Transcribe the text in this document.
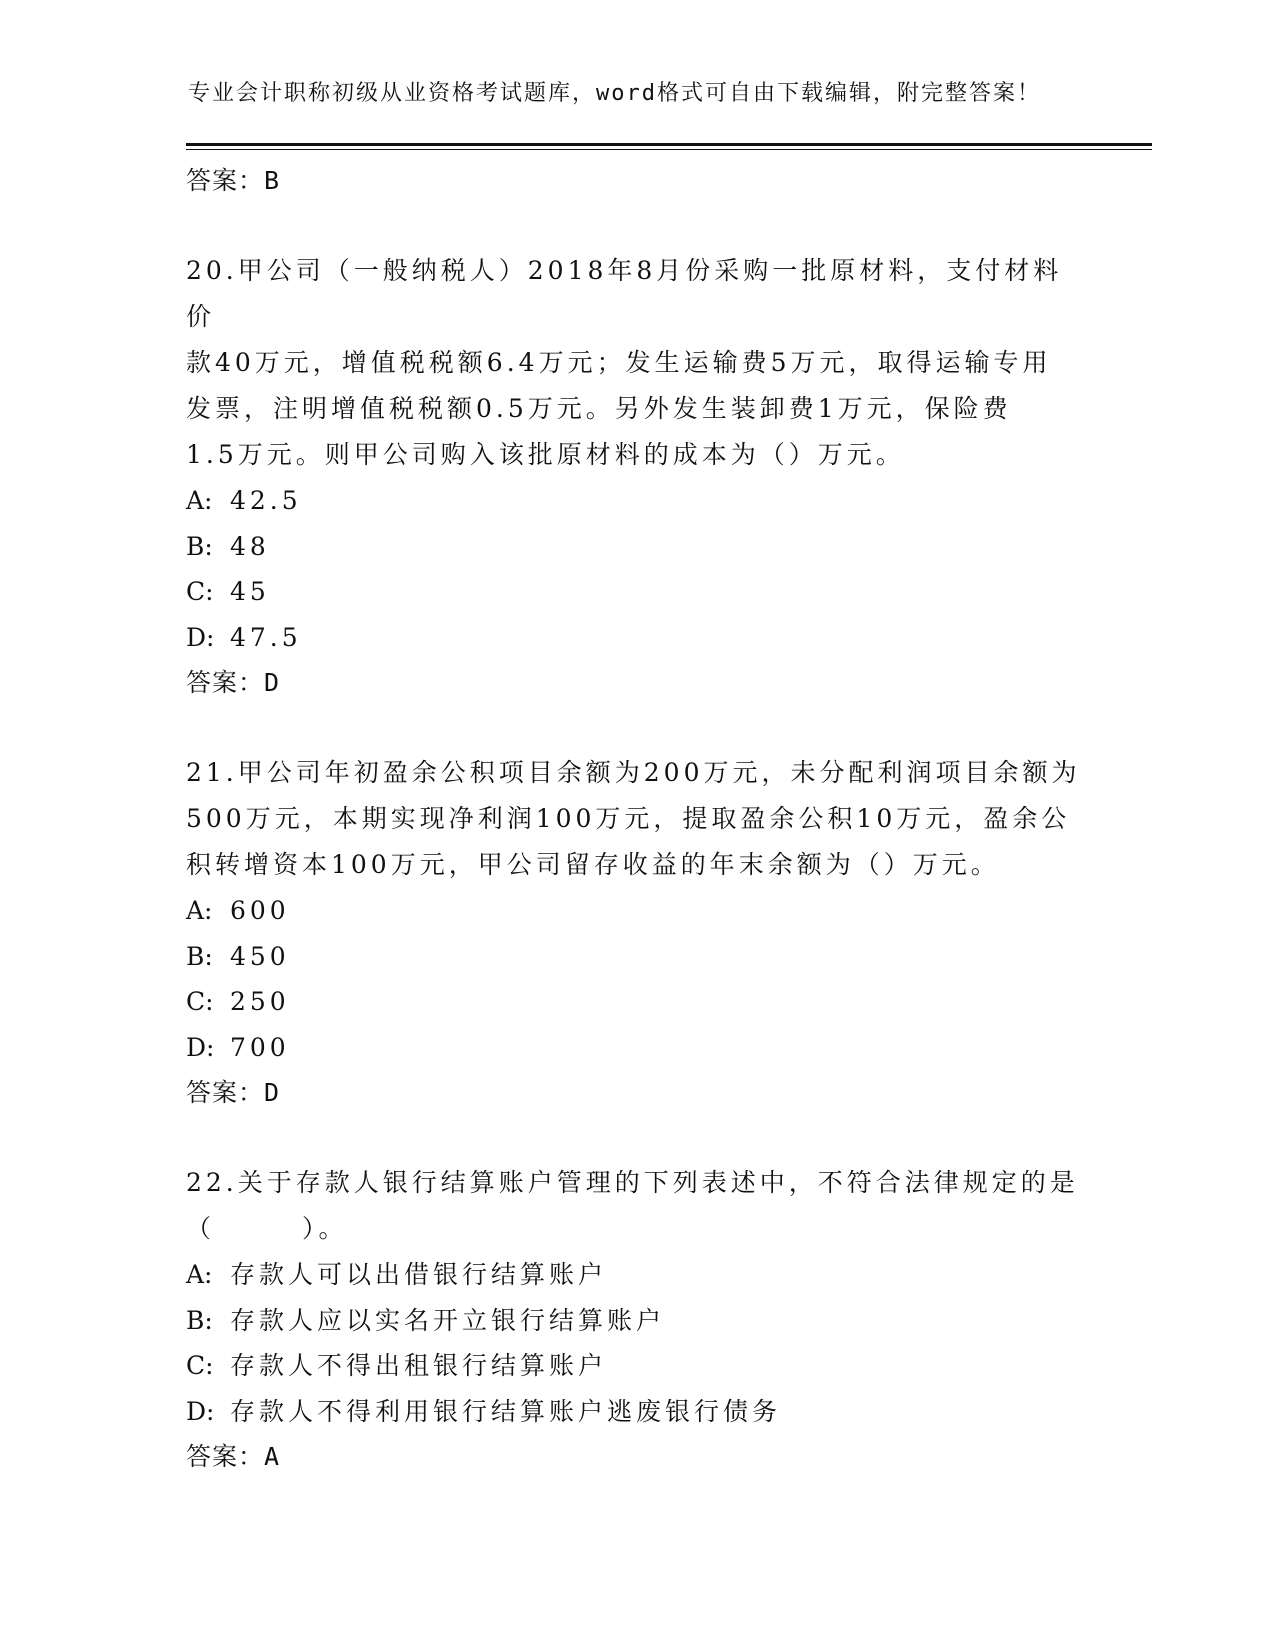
专业会计职称初级从业资格考试题库，word格式可自由下载编辑，附完整答案！
答案：B
20.甲公司（一般纳税人）2018年8月份采购一批原材料，支付材料价
款40万元，增值税税额6.4万元；发生运输费5万元，取得运输专用
发票，注明增值税税额0.5万元。另外发生装卸费1万元，保险费
1.5万元。则甲公司购入该批原材料的成本为（）万元。
A: 42.5
B: 48
C: 45
D: 47.5
答案：D
21.甲公司年初盈余公积项目余额为200万元，未分配利润项目余额为
500万元，本期实现净利润100万元，提取盈余公积10万元，盈余公
积转增资本100万元，甲公司留存收益的年末余额为（）万元。
A: 600
B: 450
C: 250
D: 700
答案：D
22.关于存款人银行结算账户管理的下列表述中，不符合法律规定的是
（　　　）。
A: 存款人可以出借银行结算账户
B: 存款人应以实名开立银行结算账户
C: 存款人不得出租银行结算账户
D: 存款人不得利用银行结算账户逃废银行债务
答案：A
